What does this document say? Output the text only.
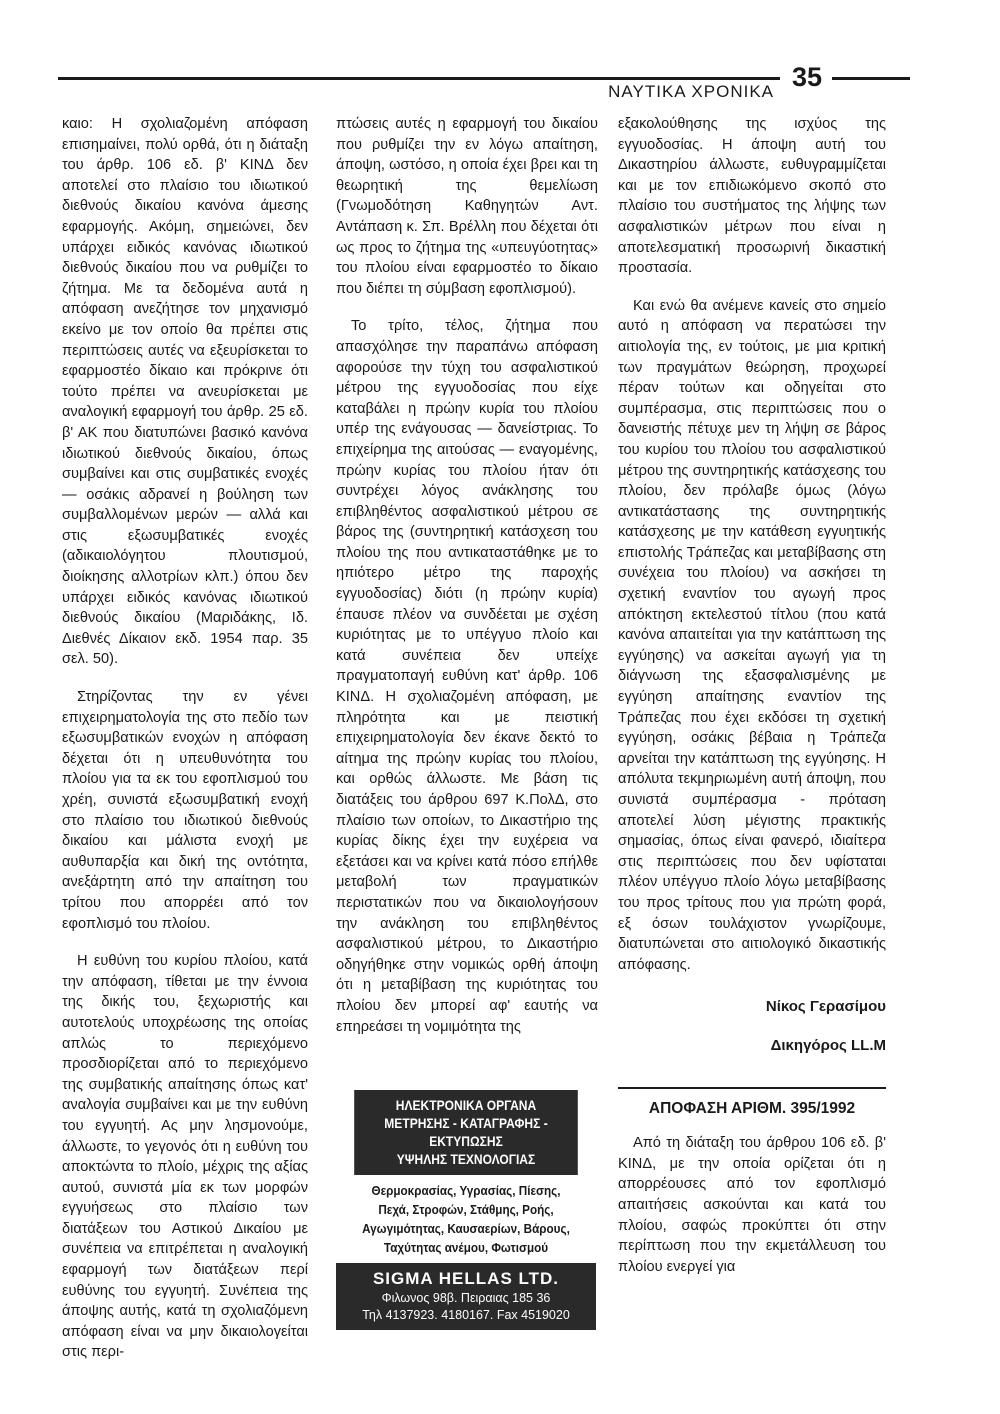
ΝΑΥΤΙΚΑ ΧΡΟΝΙΚΑ 35

καιο: Η σχολιαζομένη απόφαση επισημαίνει, πολύ ορθά, ότι η διάταξη του άρθρ. 106 εδ. β' ΚΙΝΔ δεν αποτελεί στο πλαίσιο του ιδιωτικού διεθνούς δικαίου κανόνα άμεσης εφαρμογής. Ακόμη, σημειώνει, δεν υπάρχει ειδικός κανόνας ιδιωτικού διεθνούς δικαίου που να ρυθμίζει το ζήτημα. Με τα δεδομένα αυτά η απόφαση ανεζήτησε τον μηχανισμό εκείνο με τον οποίο θα πρέπει στις περιπτώσεις αυτές να εξευρίσκεται το εφαρμοστέο δίκαιο και πρόκρινε ότι τούτο πρέπει να ανευρίσκεται με αναλογική εφαρμογή του άρθρ. 25 εδ. β' ΑΚ που διατυπώνει βασικό κανόνα ιδιωτικού διεθνούς δικαίου, όπως συμβαίνει και στις συμβατικές ενοχές — οσάκις αδρανεί η βούληση των συμβαλλομένων μερών — αλλά και στις εξωσυμβατικές ενοχές (αδικαιολόγητου πλουτισμού, διοίκησης αλλοτρίων κλπ.) όπου δεν υπάρχει ειδικός κανόνας ιδιωτικού διεθνούς δικαίου (Μαριδάκης, Ιδ. Διεθνές Δίκαιον εκδ. 1954 παρ. 35 σελ. 50).

Στηρίζοντας την εν γένει επιχειρηματολογία της στο πεδίο των εξωσυμβατικών ενοχών η απόφαση δέχεται ότι η υπευθυνότητα του πλοίου για τα εκ του εφοπλισμού του χρέη, συνιστά εξωσυμβατική ενοχή στο πλαίσιο του ιδιωτικού διεθνούς δικαίου και μάλιστα ενοχή με αυθυπαρξία και δική της οντότητα, ανεξάρτητη από την απαίτηση του τρίτου που απορρέει από τον εφοπλισμό του πλοίου.

Η ευθύνη του κυρίου πλοίου, κατά την απόφαση, τίθεται με την έννοια της δικής του, ξεχωριστής και αυτοτελούς υποχρέωσης της οποίας απλώς το περιεχόμενο προσδιορίζεται από το περιεχόμενο της συμβατικής απαίτησης όπως κατ' αναλογία συμβαίνει και με την ευθύνη του εγγυητή. Ας μην λησμονούμε, άλλωστε, το γεγονός ότι η ευθύνη του αποκτώντα το πλοίο, μέχρις της αξίας αυτού, συνιστά μία εκ των μορφών εγγυήσεως στο πλαίσιο των διατάξεων του Αστικού Δικαίου με συνέπεια να επιτρέπεται η αναλογική εφαρμογή των διατάξεων περί ευθύνης του εγγυητή. Συνέπεια της άποψης αυτής, κατά τη σχολιαζόμενη απόφαση είναι να μην δικαιολογείται στις περι-

πτώσεις αυτές η εφαρμογή του δικαίου που ρυθμίζει την εν λόγω απαίτηση, άποψη, ωστόσο, η οποία έχει βρει και τη θεωρητική της θεμελίωση (Γνωμοδότηση Καθηγητών Αντ. Αντάπαση κ. Σπ. Βρέλλη που δέχεται ότι ως προς το ζήτημα της «υπευγύοτητας» του πλοίου είναι εφαρμοστέο το δίκαιο που διέπει τη σύμβαση εφοπλισμού).

Το τρίτο, τέλος, ζήτημα που απασχόλησε την παραπάνω απόφαση αφορούσε την τύχη του ασφαλιστικού μέτρου της εγγυοδοσίας που είχε καταβάλει η πρώην κυρία του πλοίου υπέρ της ενάγουσας — δανείστριας. Το επιχείρημα της αιτούσας — εναγομένης, πρώην κυρίας του πλοίου ήταν ότι συντρέχει λόγος ανάκλησης του επιβληθέντος ασφαλιστικού μέτρου σε βάρος της (συντηρητική κατάσχεση του πλοίου της που αντικαταστάθηκε με το ηπιότερο μέτρο της παροχής εγγυοδοσίας) διότι (η πρώην κυρία) έπαυσε πλέον να συνδέεται με σχέση κυριότητας με το υπέγγυο πλοίο και κατά συνέπεια δεν υπείχε πραγματοπαγή ευθύνη κατ' άρθρ. 106 ΚΙΝΔ. Η σχολιαζομένη απόφαση, με πληρότητα και με πειστική επιχειρηματολογία δεν έκανε δεκτό το αίτημα της πρώην κυρίας του πλοίου, και ορθώς άλλωστε. Με βάση τις διατάξεις του άρθρου 697 Κ.ΠολΔ, στο πλαίσιο των οποίων, το Δικαστήριο της κυρίας δίκης έχει την ευχέρεια να εξετάσει και να κρίνει κατά πόσο επήλθε μεταβολή των πραγματικών περιστατικών που να δικαιολογήσουν την ανάκληση του επιβληθέντος ασφαλιστικού μέτρου, το Δικαστήριο οδηγήθηκε στην νομικώς ορθή άποψη ότι η μεταβίβαση της κυριότητας του πλοίου δεν μπορεί αφ' εαυτής να επηρεάσει τη νομιμότητα της

ΗΛΕΚΤΡΟΝΙΚΑ ΟΡΓΑΝΑ
ΜΕΤΡΗΣΗΣ - ΚΑΤΑΓΡΑΦΗΣ - ΕΚΤΥΠΩΣΗΣ
ΥΨΗΛΗΣ ΤΕΧΝΟΛΟΓΙΑΣ
Θερμοκρασίας, Υγρασίας, Πίεσης,
Πεχά, Στροφών, Στάθμης, Ροής,
Αγωγιμότητας, Καυσαερίων, Βάρους,
Ταχύτητας ανέμου, Φωτισμού
SIGMA HELLAS LTD.
Φιλωνος 98β. Πειραιας 185 36
Τηλ 4137923. 4180167. Fax 4519020

εξακολούθησης της ισχύος της εγγυοδοσίας. Η άποψη αυτή του Δικαστηρίου άλλωστε, ευθυγραμμίζεται και με τον επιδιωκόμενο σκοπό στο πλαίσιο του συστήματος της λήψης των ασφαλιστικών μέτρων που είναι η αποτελεσματική προσωρινή δικαστική προστασία.

Και ενώ θα ανέμενε κανείς στο σημείο αυτό η απόφαση να περατώσει την αιτιολογία της, εν τούτοις, με μια κριτική των πραγμάτων θεώρηση, προχωρεί πέραν τούτων και οδηγείται στο συμπέρασμα, στις περιπτώσεις που ο δανειστής πέτυχε μεν τη λήψη σε βάρος του κυρίου του πλοίου του ασφαλιστικού μέτρου της συντηρητικής κατάσχεσης του πλοίου, δεν πρόλαβε όμως (λόγω αντικατάστασης της συντηρητικής κατάσχεσης με την κατάθεση εγγυητικής επιστολής Τράπεζας και μεταβίβασης στη συνέχεια του πλοίου) να ασκήσει τη σχετική εναντίον του αγωγή προς απόκτηση εκτελεστού τίτλου (που κατά κανόνα απαιτείται για την κατάπτωση της εγγύησης) να ασκείται αγωγή για τη διάγνωση της εξασφαλισμένης με εγγύηση απαίτησης εναντίον της Τράπεζας που έχει εκδόσει τη σχετική εγγύηση, οσάκις βέβαια η Τράπεζα αρνείται την κατάπτωση της εγγύησης. Η απόλυτα τεκμηριωμένη αυτή άποψη, που συνιστά συμπέρασμα - πρόταση αποτελεί λύση μέγιστης πρακτικής σημασίας, όπως είναι φανερό, ιδιαίτερα στις περιπτώσεις που δεν υφίσταται πλέον υπέγγυο πλοίο λόγω μεταβίβασης του προς τρίτους που για πρώτη φορά, εξ όσων τουλάχιστον γνωρίζουμε, διατυπώνεται στο αιτιολογικό δικαστικής απόφασης.

Νίκος Γερασίμου
Δικηγόρος LL.M
ΑΠΟΦΑΣΗ ΑΡΙΘΜ. 395/1992

Από τη διάταξη του άρθρου 106 εδ. β' ΚΙΝΔ, με την οποία ορίζεται ότι η απορρέουσες από τον εφοπλισμό απαιτήσεις ασκούνται και κατά του πλοίου, σαφώς προκύπτει ότι στην περίπτωση που την εκμετάλλευση του πλοίου ενεργεί για
